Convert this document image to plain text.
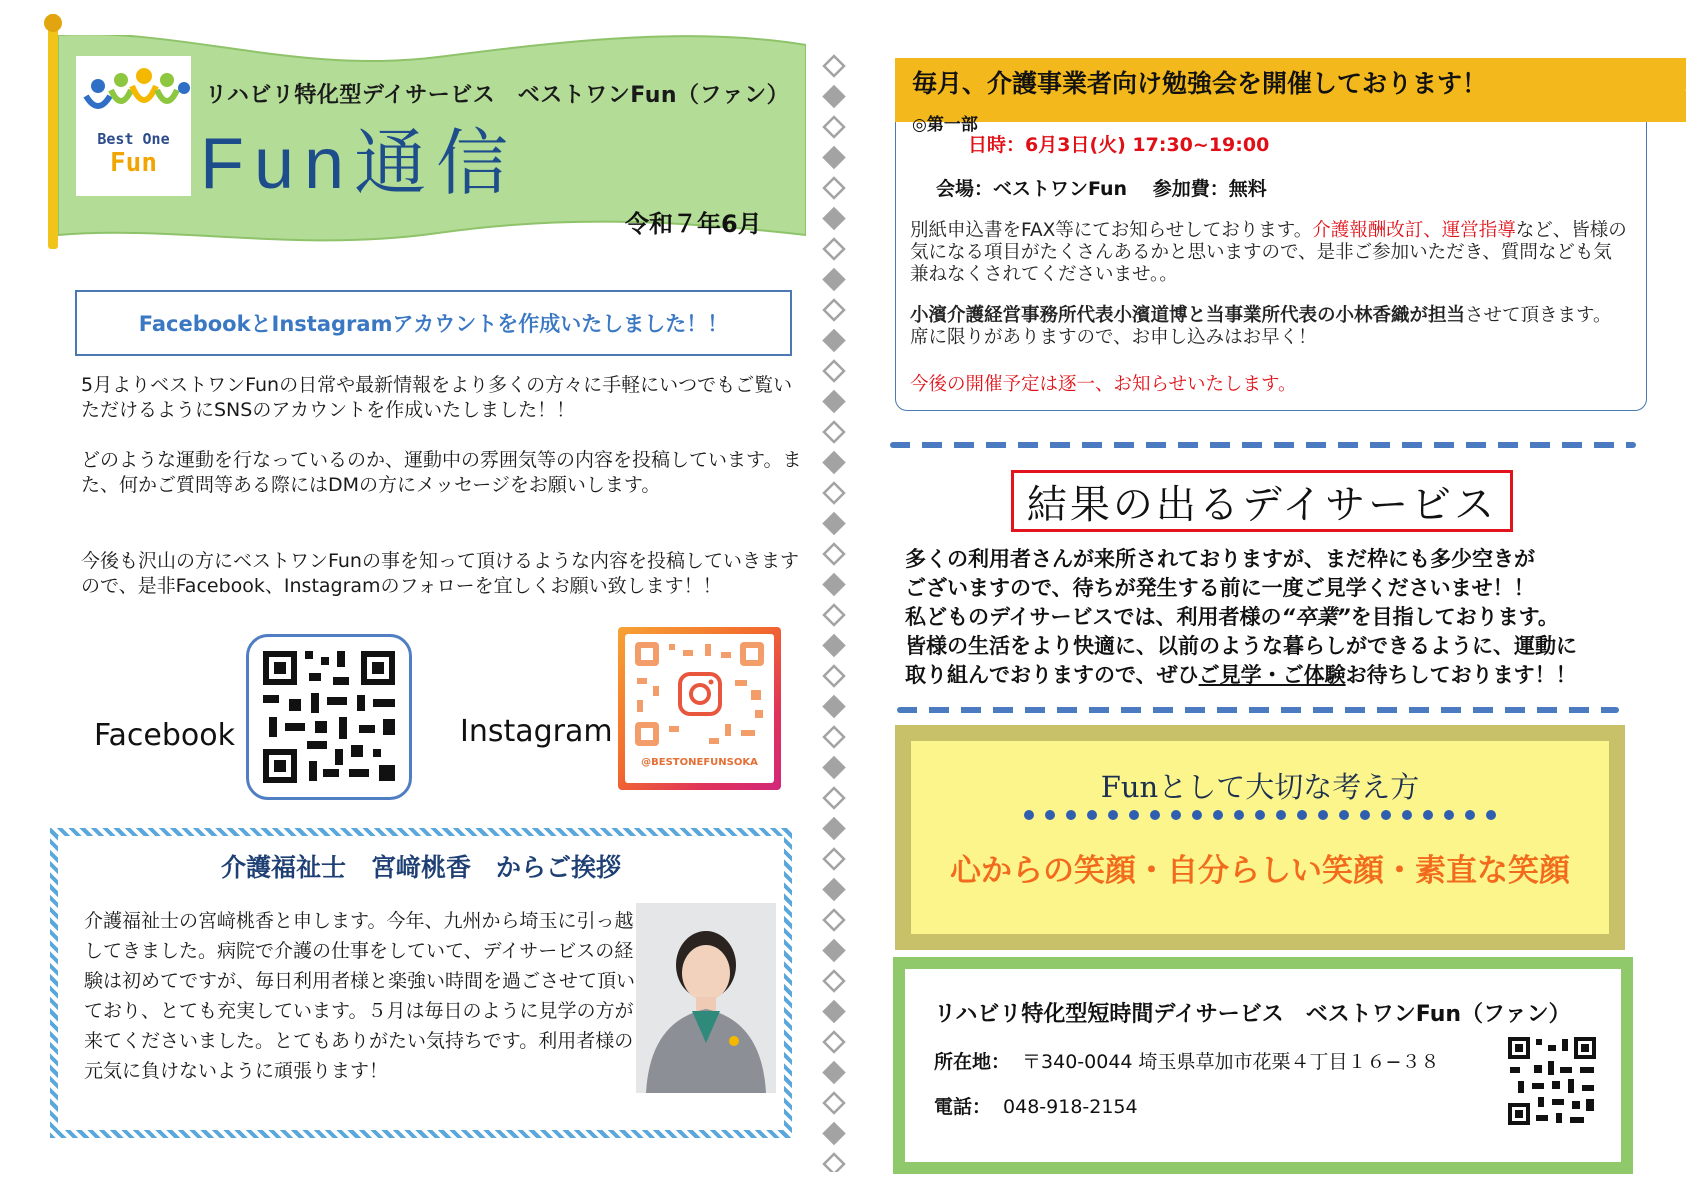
Best One
Fun
リハビリ特化型デイサービス　ベストワンFun（ファン）
Fun通信
令和７年6月
FacebookとInstagramアカウントを作成いたしました！！
5月よりベストワンFunの日常や最新情報をより多くの方々に手軽にいつでもご覧いただけるようにSNSのアカウントを作成いたしました！！
どのような運動を行なっているのか、運動中の雰囲気等の内容を投稿しています。また、何かご質問等ある際にはDMの方にメッセージをお願いします。
今後も沢山の方にベストワンFunの事を知って頂けるような内容を投稿していきますので、是非Facebook、Instagramのフォローを宜しくお願い致します！！
Facebook	Instagram
@BESTONEFUNSOKA
介護福祉士　宮﨑桃香　からご挨拶
介護福祉士の宮﨑桃香と申します。今年、九州から埼玉に引っ越してきました。病院で介護の仕事をしていて、デイサービスの経験は初めてですが、毎日利用者様と楽強い時間を過ごさせて頂いており、とても充実しています。５月は毎日のように見学の方が来てくださいました。とてもありがたい気持ちです。利用者様の元気に負けないように頑張ります！
毎月、介護事業者向け勉強会を開催しております！
◎第一部
日時：6月3日(火) 17:30~19:00
会場：ベストワンFun　 参加費：無料
別紙申込書をFAX等にてお知らせしております。介護報酬改訂、運営指導など、皆様の気になる項目がたくさんあるかと思いますので、是非ご参加いただき、質問なども気兼ねなくされてくださいませ。。
小濱介護経営事務所代表小濱道博と当事業所代表の小林香織が担当させて頂きます。席に限りがありますので、お申し込みはお早く！
今後の開催予定は逐一、お知らせいたします。
結果の出るデイサービス
多くの利用者さんが来所されておりますが、まだ枠にも多少空きが
ございますので、待ちが発生する前に一度ご見学くださいませ！！
私どものデイサービスでは、利用者様の“卒業”を目指しております。
皆様の生活をより快適に、以前のような暮らしができるように、運動に
取り組んでおりますので、ぜひご見学・ご体験お待ちしております！！
Funとして大切な考え方
心からの笑顔・自分らしい笑顔・素直な笑顔
リハビリ特化型短時間デイサービス　ベストワンFun（ファン）
所在地： 〒340-0044 埼玉県草加市花栗４丁目１６−３８
電話： 048-918-2154
